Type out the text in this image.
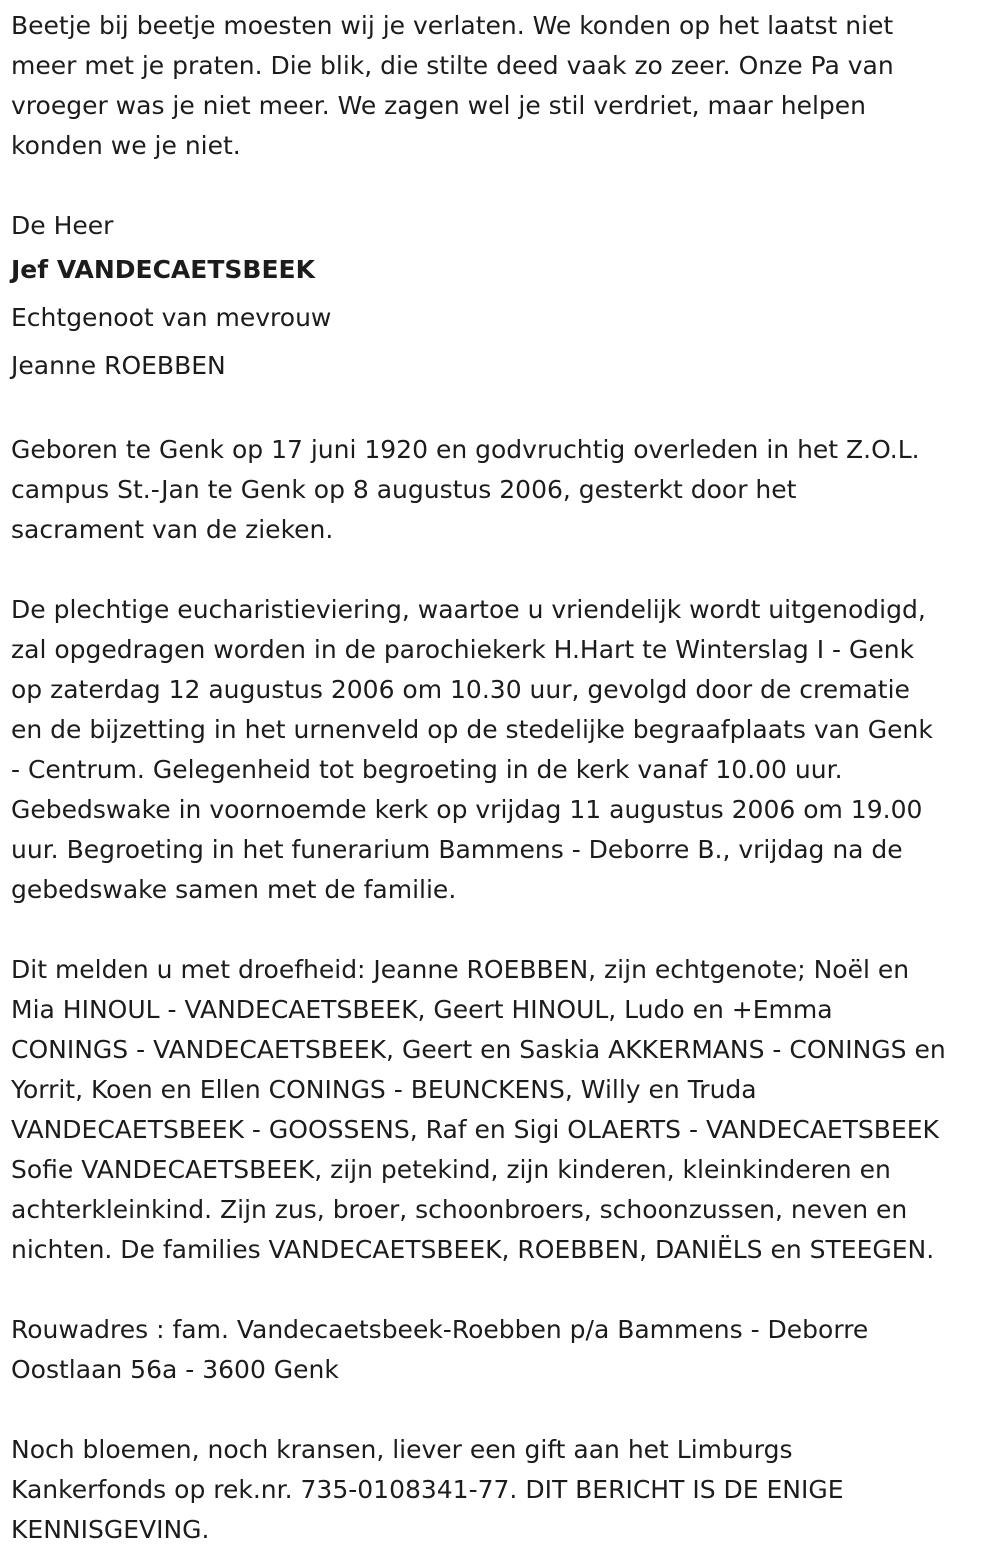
Beetje bij beetje moesten wij je verlaten. We konden op het laatst niet
meer met je praten. Die blik, die stilte deed vaak zo zeer. Onze Pa van
vroeger was je niet meer. We zagen wel je stil verdriet, maar helpen
konden we je niet.

De Heer

Jef VANDECAETSBEEK
Echtgenoot van mevrouw
Jeanne ROEBBEN

Geboren te Genk op 17 juni 1920 en godvruchtig overleden in het Z.O.L.
campus St.-Jan te Genk op 8 augustus 2006, gesterkt door het
sacrament van de zieken.

De plechtige eucharistieviering, waartoe u vriendelijk wordt uitgenodigd,
zal opgedragen worden in de parochiekerk H.Hart te Winterslag I - Genk
op zaterdag 12 augustus 2006 om 10.30 uur, gevolgd door de crematie
en de bijzetting in het urnenveld op de stedelijke begraafplaats van Genk
- Centrum. Gelegenheid tot begroeting in de kerk vanaf 10.00 uur.
Gebedswake in voornoemde kerk op vrijdag 11 augustus 2006 om 19.00
uur. Begroeting in het funerarium Bammens - Deborre B., vrijdag na de
gebedswake samen met de familie.

Dit melden u met droefheid: Jeanne ROEBBEN, zijn echtgenote; Noël en
Mia HINOUL - VANDECAETSBEEK, Geert HINOUL, Ludo en +Emma
CONINGS - VANDECAETSBEEK, Geert en Saskia AKKERMANS - CONINGS en
Yorrit, Koen en Ellen CONINGS - BEUNCKENS, Willy en Truda
VANDECAETSBEEK - GOOSSENS, Raf en Sigi OLAERTS - VANDECAETSBEEK
Sofie VANDECAETSBEEK, zijn petekind, zijn kinderen, kleinkinderen en
achterkleinkind. Zijn zus, broer, schoonbroers, schoonzussen, neven en
nichten. De families VANDECAETSBEEK, ROEBBEN, DANIËLS en STEEGEN.

Rouwadres : fam. Vandecaetsbeek-Roebben p/a Bammens - Deborre
Oostlaan 56a - 3600 Genk

Noch bloemen, noch kransen, liever een gift aan het Limburgs
Kankerfonds op rek.nr. 735-0108341-77. DIT BERICHT IS DE ENIGE
KENNISGEVING.
